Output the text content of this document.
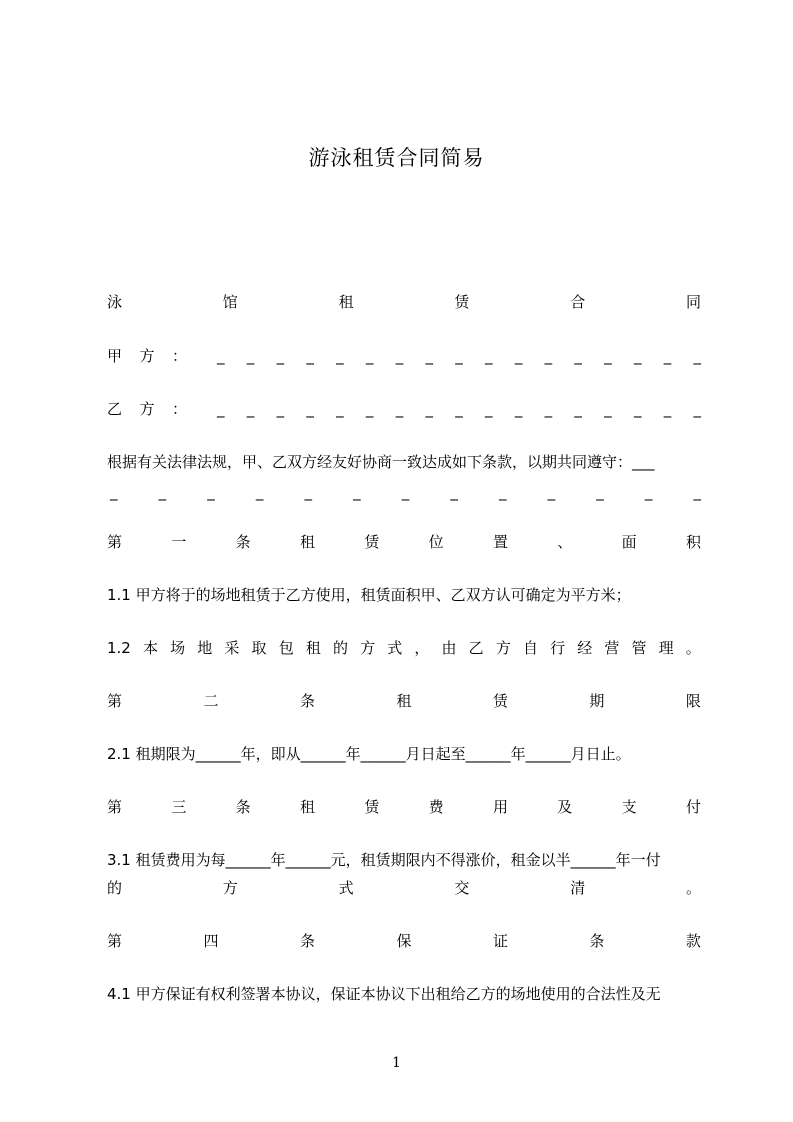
游泳租赁合同简易
泳	馆	租	赁	合	同
甲 方 ： _ _ _ _ _ _ _ _ _ _ _ _ _ _ _ _ _
乙 方 ： _ _ _ _ _ _ _ _ _ _ _ _ _ _ _ _ _
根据有关法律法规，甲、乙双方经友好协商一致达成如下条款，以期共同遵守：___
_	_	_	_	_	_	_	_	_	_	_	_	_
第	一	条	租	赁	位	置	、	面	积
1.1 甲方将于的场地租赁于乙方使用，租赁面积甲、乙双方认可确定为平方米；
1.2 本 场 地 采 取 包 租 的 方 式 ， 由 乙 方 自 行 经 营 管 理 。
第	二	条	租	赁	期	限
2.1 租期限为______年，即从______年______月日起至______年______月日止。
第	三	条	租	赁	费	用	及	支	付
3.1 租赁费用为每______年______元，租赁期限内不得涨价，租金以半______年一付
的	方	式	交	清	。
第	四	条	保	证	条	款
4.1 甲方保证有权利签署本协议，保证本协议下出租给乙方的场地使用的合法性及无
1
